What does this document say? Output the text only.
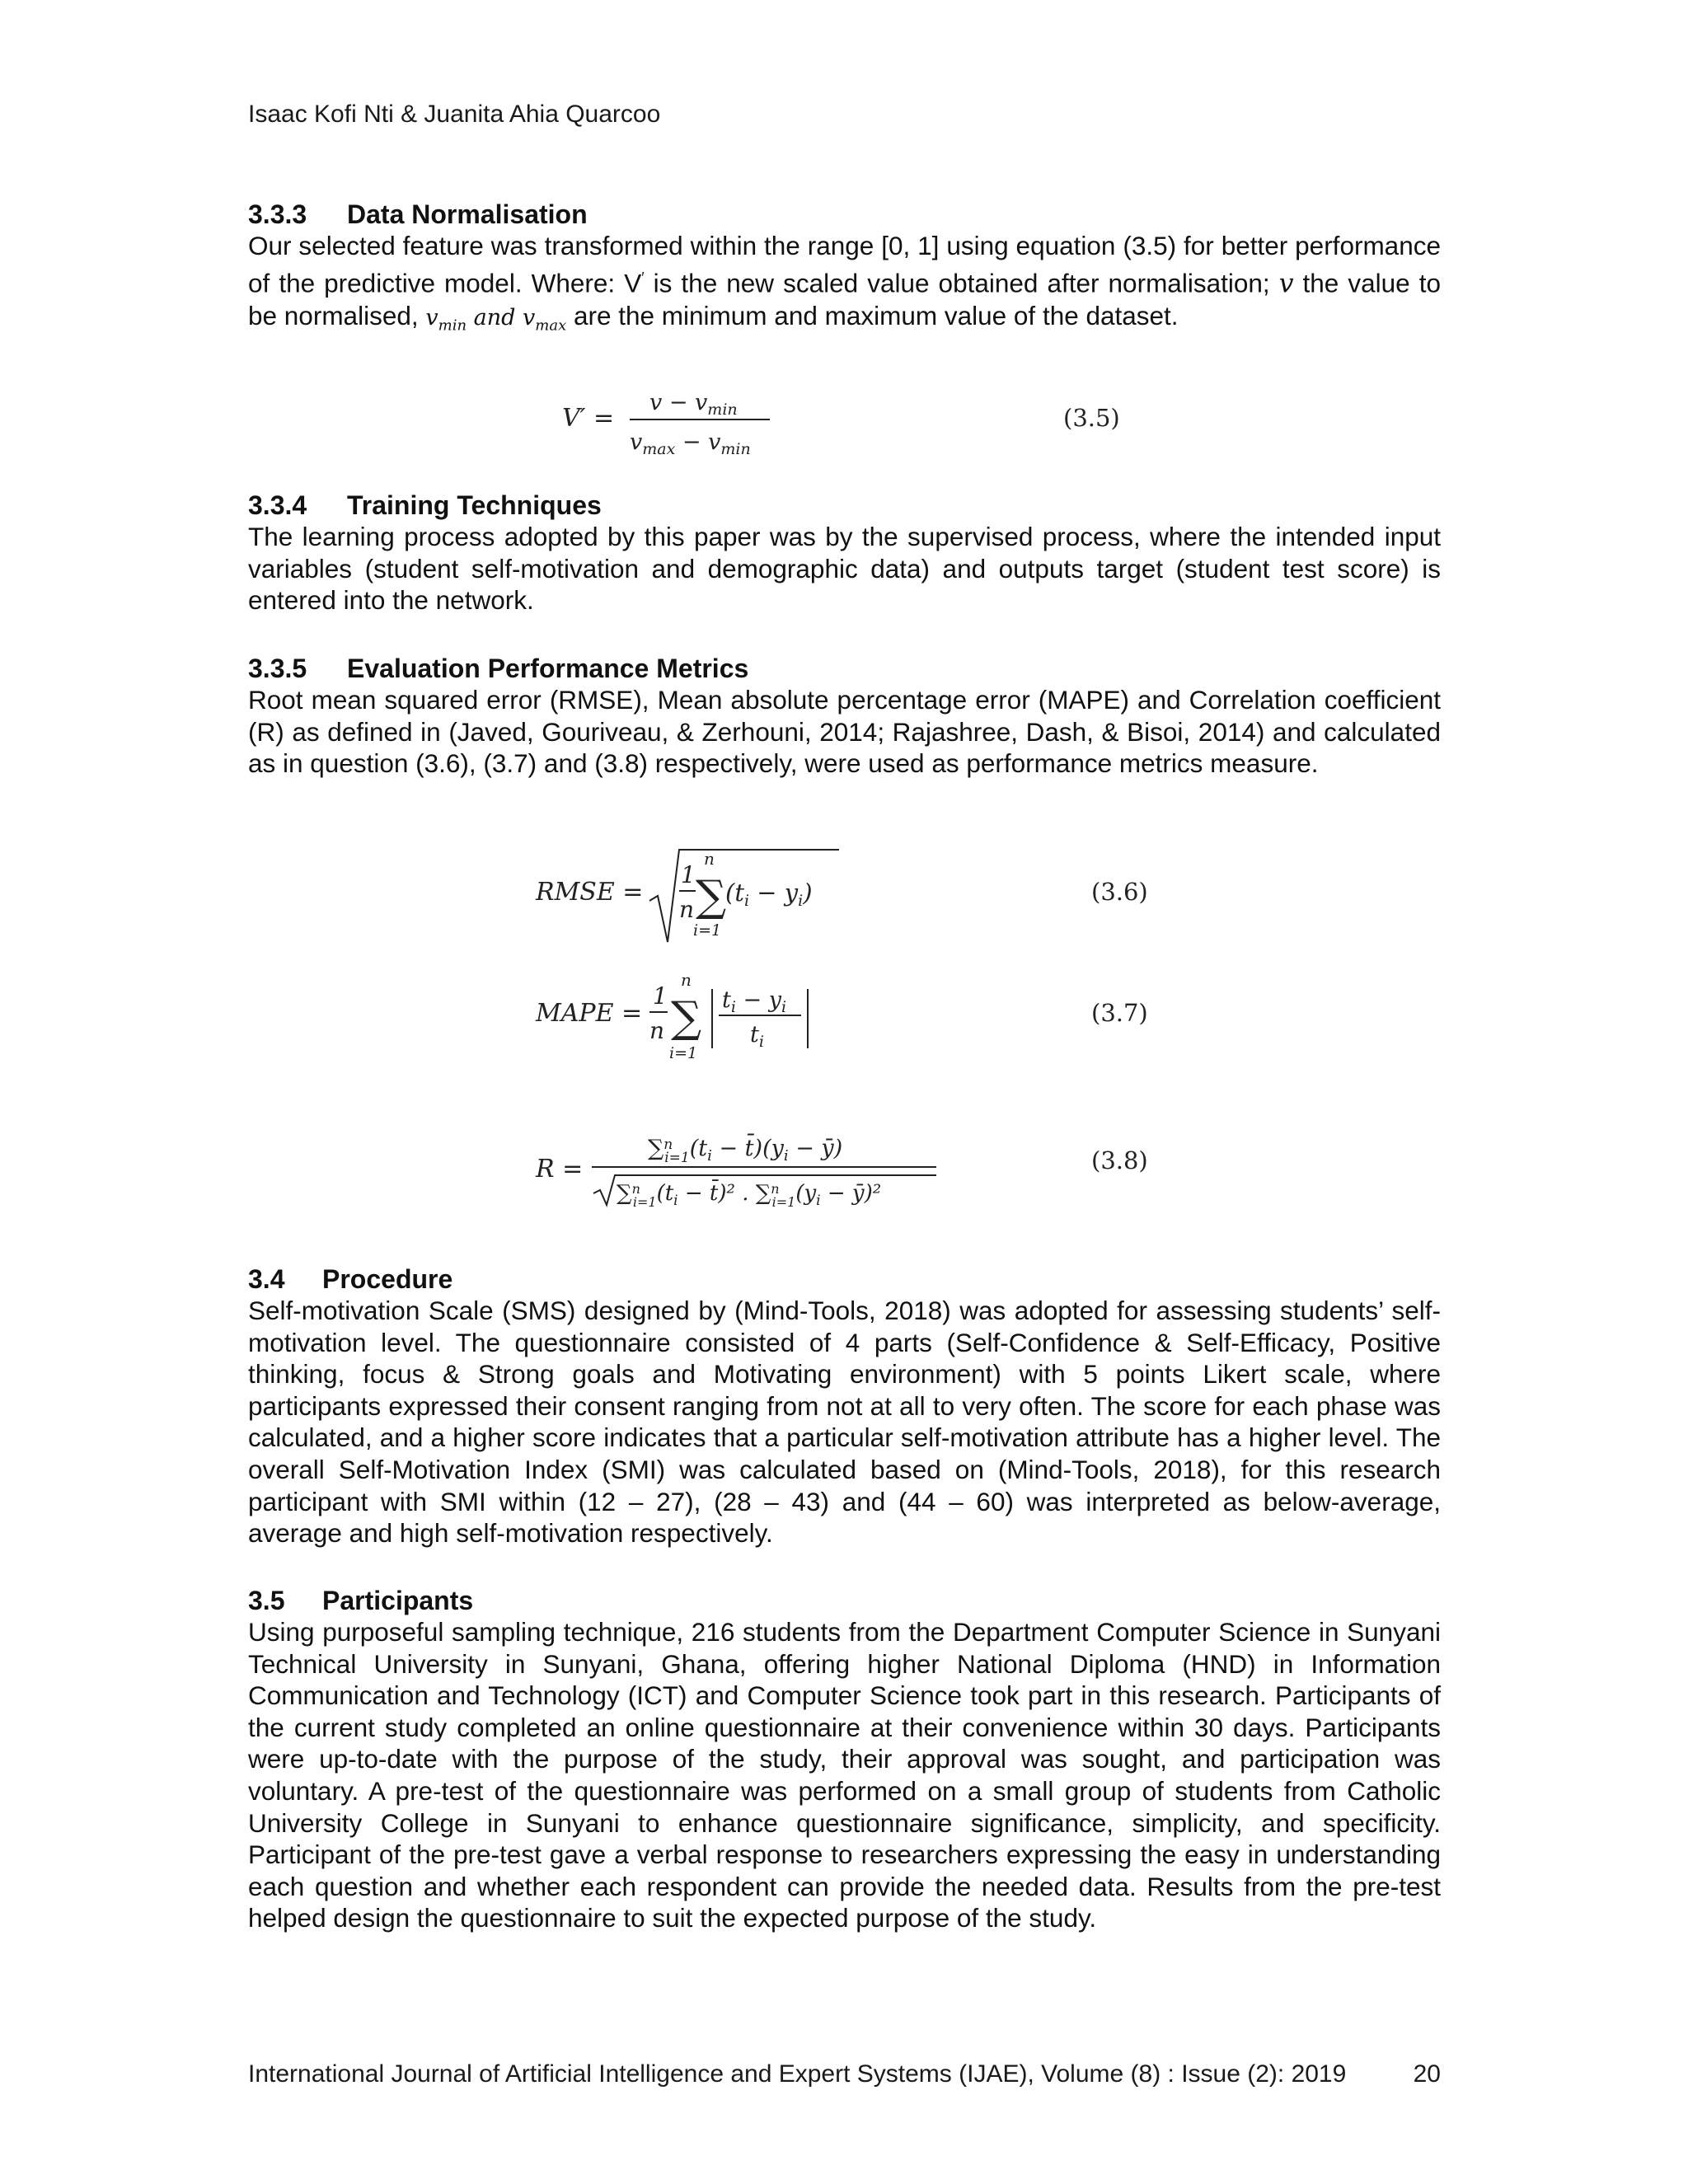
Isaac Kofi Nti & Juanita Ahia Quarcoo

3.3.3 Data Normalisation

Our selected feature was transformed within the range [0, 1] using equation (3.5) for better performance of the predictive model. Where: V′ is the new scaled value obtained after normalisation; v the value to be normalised, $v_{min}$ and $v_{max}$ are the minimum and maximum value of the dataset.

V′ =
$v - v_{min}$
$v_{max} - v_{min}$
(3.5)

3.3.4 Training Techniques

The learning process adopted by this paper was by the supervised process, where the intended input variables (student self-motivation and demographic data) and outputs target (student test score) is entered into the network.

3.3.5 Evaluation Performance Metrics

Root mean squared error (RMSE), Mean absolute percentage error (MAPE) and Correlation coefficient (R) as defined in (Javed, Gouriveau, & Zerhouni, 2014; Rajashree, Dash, & Bisoi, 2014) and calculated as in question (3.6), (3.7) and (3.8) respectively, were used as performance metrics measure.

RMSE =
1
n
n
∑
i=1
$(t_i - y_i)$	(3.6)
MAPE =
1
n
n
∑
i=1
$t_i - y_i$
$t_i$
(3.7)
R =
∑$^n$ $i=1(t_i$ − $t̄)(y_i$ − ȳ)
∑$^n$ $i=1(t_i$ − t̄)² . ∑$^n$ $i=1(y_i$ − ȳ)²
(3.8)

3.4 Procedure

Self-motivation Scale (SMS) designed by (Mind-Tools, 2018) was adopted for assessing students’ self-motivation level. The questionnaire consisted of 4 parts (Self-Confidence & Self-Efficacy, Positive thinking, focus & Strong goals and Motivating environment) with 5 points Likert scale, where participants expressed their consent ranging from not at all to very often. The score for each phase was calculated, and a higher score indicates that a particular self-motivation attribute has a higher level. The overall Self-Motivation Index (SMI) was calculated based on (Mind-Tools, 2018), for this research participant with SMI within (12 – 27), (28 – 43) and (44 – 60) was interpreted as below-average, average and high self-motivation respectively.

3.5 Participants

Using purposeful sampling technique, 216 students from the Department Computer Science in Sunyani Technical University in Sunyani, Ghana, offering higher National Diploma (HND) in Information Communication and Technology (ICT) and Computer Science took part in this research. Participants of the current study completed an online questionnaire at their convenience within 30 days. Participants were up-to-date with the purpose of the study, their approval was sought, and participation was voluntary. A pre-test of the questionnaire was performed on a small group of students from Catholic University College in Sunyani to enhance questionnaire significance, simplicity, and specificity. Participant of the pre-test gave a verbal response to researchers expressing the easy in understanding each question and whether each respondent can provide the needed data. Results from the pre-test helped design the questionnaire to suit the expected purpose of the study.

International Journal of Artificial Intelligence and Expert Systems (IJAE), Volume (8) : Issue (2): 2019	20
